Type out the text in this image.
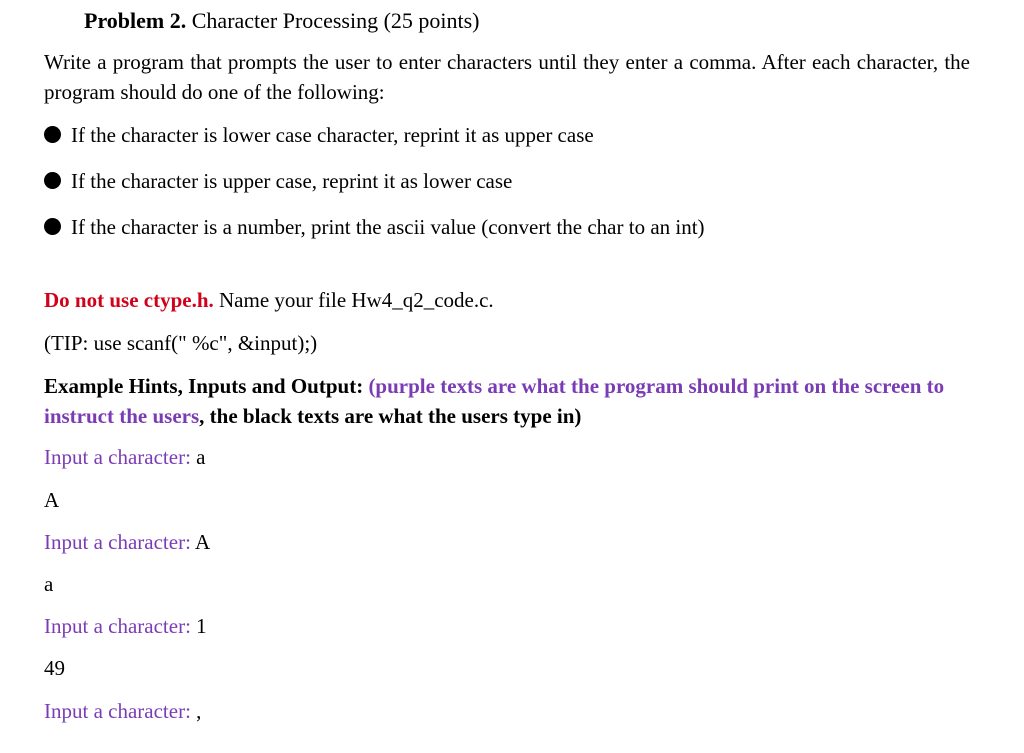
Problem 2. Character Processing (25 points)
Write a program that prompts the user to enter characters until they enter a comma. After each character, the program should do one of the following:
If the character is lower case character, reprint it as upper case
If the character is upper case, reprint it as lower case
If the character is a number, print the ascii value (convert the char to an int)
Do not use ctype.h. Name your file Hw4_q2_code.c.
(TIP: use scanf(" %c", &input);)
Example Hints, Inputs and Output: (purple texts are what the program should print on the screen to instruct the users, the black texts are what the users type in)
Input a character: a
A
Input a character: A
a
Input a character: 1
49
Input a character: ,
